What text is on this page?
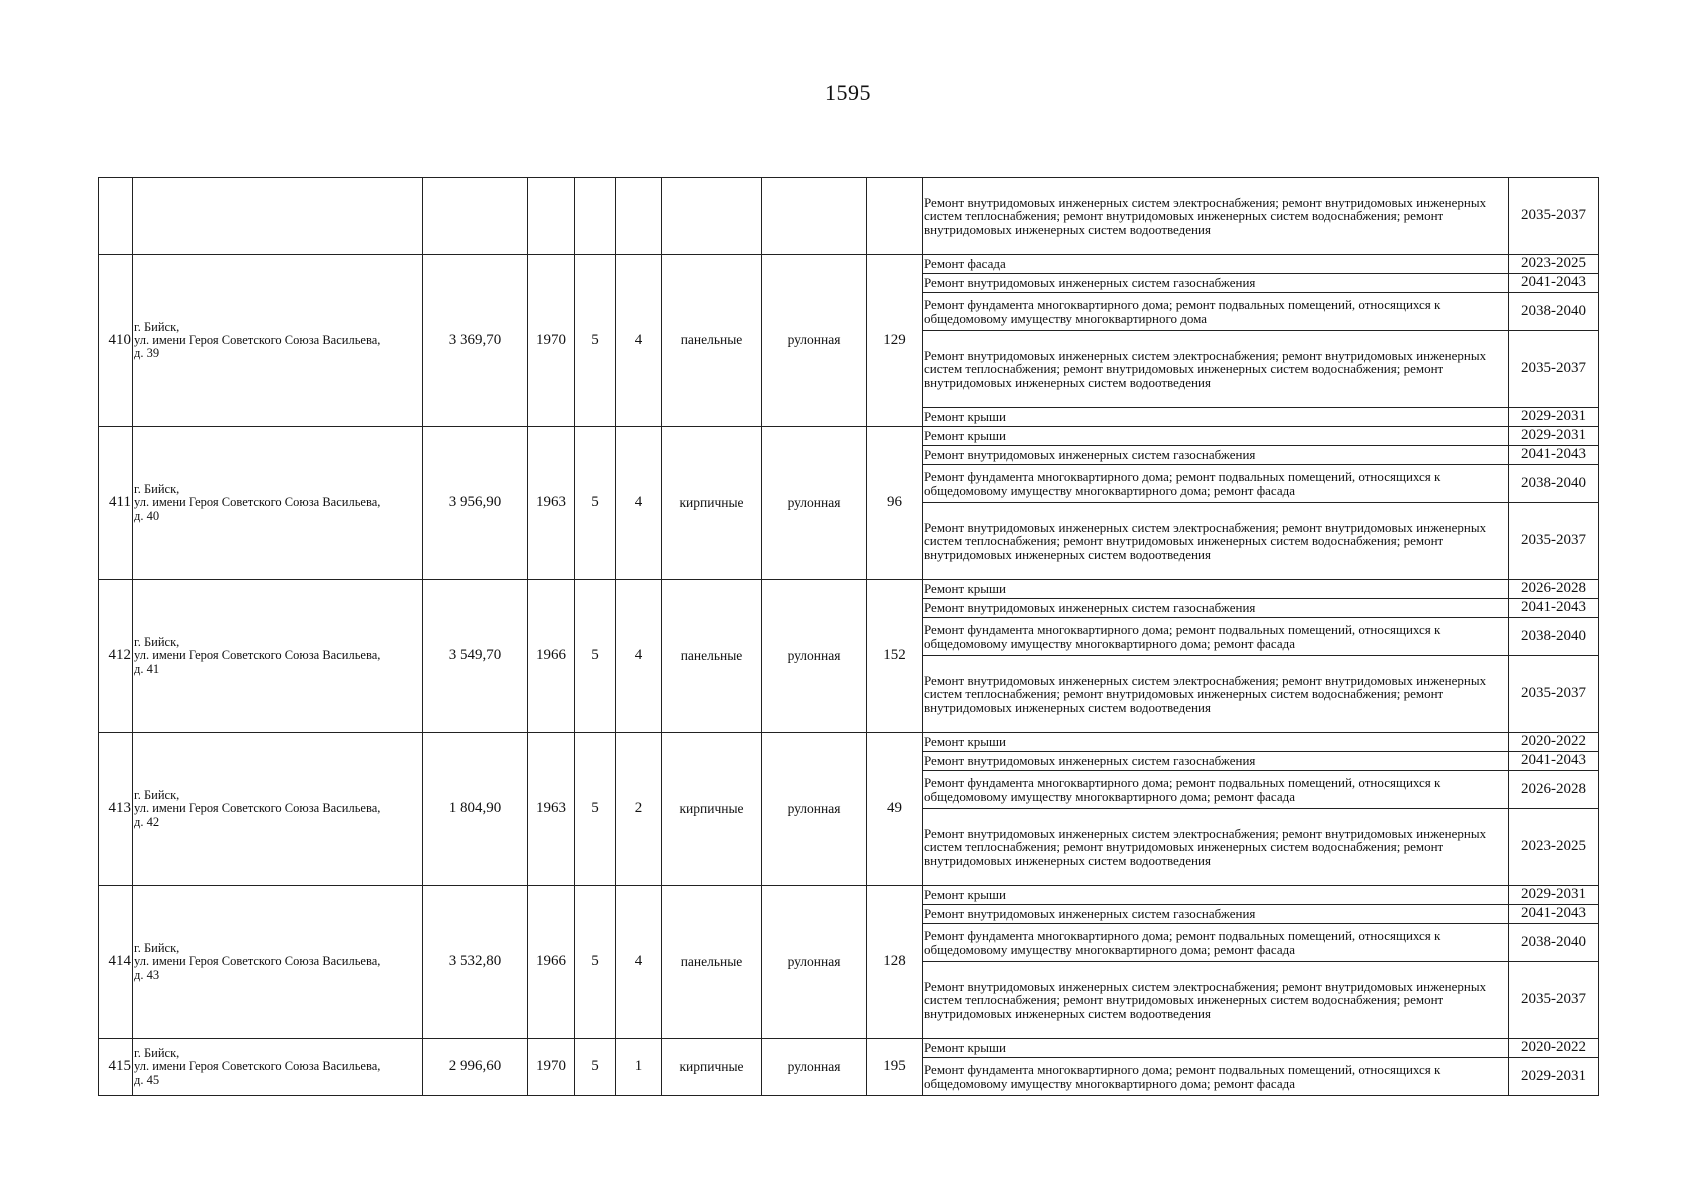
1595
									Ремонт внутридомовых инженерных систем электроснабжения; ремонт внутридомовых инженерных систем теплоснабжения; ремонт внутридомовых инженерных систем водоснабжения; ремонт внутридомовых инженерных систем водоотведения	2035-2037
410	г. Бийск,
ул. имени Героя Советского Союза Васильева,
д. 39	3 369,70	1970	5	4	панельные	рулонная	129	Ремонт фасада	2023-2025
									Ремонт внутридомовых инженерных систем газоснабжения	2041-2043
									Ремонт фундамента многоквартирного дома; ремонт подвальных помещений, относящихся к общедомовому имуществу многоквартирного дома	2038-2040
									Ремонт внутридомовых инженерных систем электроснабжения; ремонт внутридомовых инженерных систем теплоснабжения; ремонт внутридомовых инженерных систем водоснабжения; ремонт внутридомовых инженерных систем водоотведения	2035-2037
									Ремонт крыши	2029-2031
411	г. Бийск,
ул. имени Героя Советского Союза Васильева,
д. 40	3 956,90	1963	5	4	кирпичные	рулонная	96	Ремонт крыши	2029-2031
									Ремонт внутридомовых инженерных систем газоснабжения	2041-2043
									Ремонт фундамента многоквартирного дома; ремонт подвальных помещений, относящихся к общедомовому имуществу многоквартирного дома; ремонт фасада	2038-2040
									Ремонт внутридомовых инженерных систем электроснабжения; ремонт внутридомовых инженерных систем теплоснабжения; ремонт внутридомовых инженерных систем водоснабжения; ремонт внутридомовых инженерных систем водоотведения	2035-2037
412	г. Бийск,
ул. имени Героя Советского Союза Васильева,
д. 41	3 549,70	1966	5	4	панельные	рулонная	152	Ремонт крыши	2026-2028
									Ремонт внутридомовых инженерных систем газоснабжения	2041-2043
									Ремонт фундамента многоквартирного дома; ремонт подвальных помещений, относящихся к общедомовому имуществу многоквартирного дома; ремонт фасада	2038-2040
									Ремонт внутридомовых инженерных систем электроснабжения; ремонт внутридомовых инженерных систем теплоснабжения; ремонт внутридомовых инженерных систем водоснабжения; ремонт внутридомовых инженерных систем водоотведения	2035-2037
413	г. Бийск,
ул. имени Героя Советского Союза Васильева,
д. 42	1 804,90	1963	5	2	кирпичные	рулонная	49	Ремонт крыши	2020-2022
									Ремонт внутридомовых инженерных систем газоснабжения	2041-2043
									Ремонт фундамента многоквартирного дома; ремонт подвальных помещений, относящихся к общедомовому имуществу многоквартирного дома; ремонт фасада	2026-2028
									Ремонт внутридомовых инженерных систем электроснабжения; ремонт внутридомовых инженерных систем теплоснабжения; ремонт внутридомовых инженерных систем водоснабжения; ремонт внутридомовых инженерных систем водоотведения	2023-2025
414	г. Бийск,
ул. имени Героя Советского Союза Васильева,
д. 43	3 532,80	1966	5	4	панельные	рулонная	128	Ремонт крыши	2029-2031
									Ремонт внутридомовых инженерных систем газоснабжения	2041-2043
									Ремонт фундамента многоквартирного дома; ремонт подвальных помещений, относящихся к общедомовому имуществу многоквартирного дома; ремонт фасада	2038-2040
									Ремонт внутридомовых инженерных систем электроснабжения; ремонт внутридомовых инженерных систем теплоснабжения; ремонт внутридомовых инженерных систем водоснабжения; ремонт внутридомовых инженерных систем водоотведения	2035-2037
415	г. Бийск,
ул. имени Героя Советского Союза Васильева,
д. 45	2 996,60	1970	5	1	кирпичные	рулонная	195	Ремонт крыши	2020-2022
									Ремонт фундамента многоквартирного дома; ремонт подвальных помещений, относящихся к общедомовому имуществу многоквартирного дома; ремонт фасада	2029-2031
